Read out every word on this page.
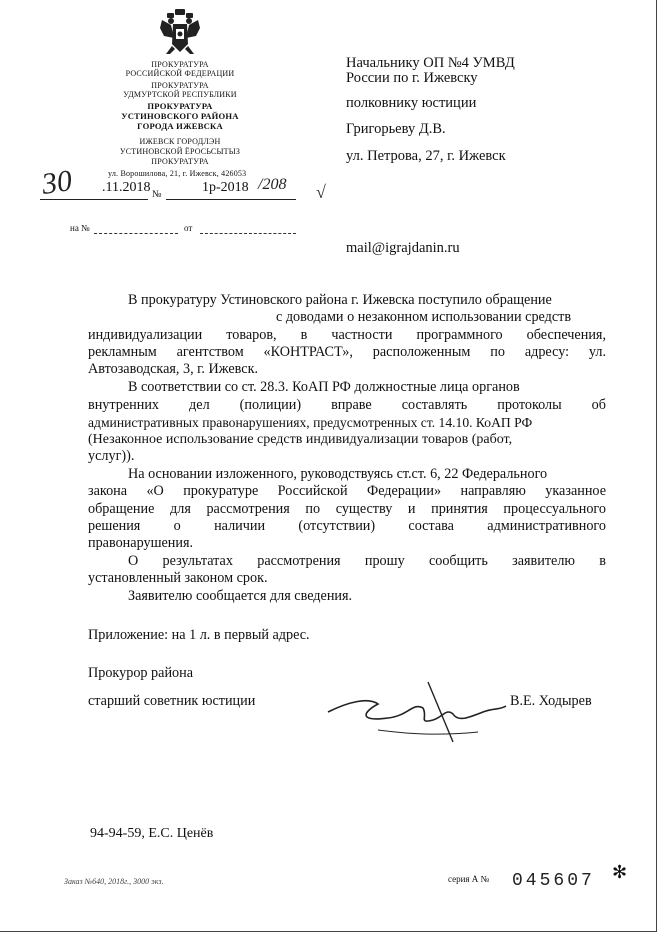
ПРОКУРАТУРА
РОССИЙСКОЙ ФЕДЕРАЦИИ
ПРОКУРАТУРА
УДМУРТСКОЙ РЕСПУБЛИКИ
ПРОКУРАТУРА
УСТИНОВСКОГО РАЙОНА
ГОРОДА ИЖЕВСКА
ИЖЕВСК ГОРОДЛЭН
УСТИНОВСКОЙ ЁРОСЬСЫТЫЗ
ПРОКУРАТУРА
ул. Ворошилова, 21, г. Ижевск, 426053
30 .11.2018 №	1р-2018 /208 √
на №	от
Начальнику ОП №4 УМВД
России по г. Ижевску
полковнику юстиции
Григорьеву Д.В.
ул. Петрова, 27, г. Ижевск
mail@igrajdanin.ru
В прокуратуру Устиновского района г. Ижевска поступило обращение
с доводами о незаконном использовании средств
индивидуализации товаров, в частности программного обеспечения,
рекламным агентством «КОНТРАСТ», расположенным по адресу: ул.
Автозаводская, 3, г. Ижевск.
В соответствии со ст. 28.3. КоАП РФ должностные лица органов
внутренних дел (полиции) вправе составлять протоколы об
административных правонарушениях, предусмотренных ст. 14.10. КоАП РФ
(Незаконное использование средств индивидуализации товаров (работ,
услуг)).
На основании изложенного, руководствуясь ст.ст. 6, 22 Федерального
закона «О прокуратуре Российской Федерации» направляю указанное
обращение для рассмотрения по существу и принятия процессуального
решения о наличии (отсутствии) состава административного
правонарушения.
О результатах рассмотрения прошу сообщить заявителю в
установленный законом срок.
Заявителю сообщается для сведения.
Приложение: на 1 л. в первый адрес.
Прокурор района
старший советник юстиции	В.Е. Ходырев
94-94-59, Е.С. Ценёв
Заказ №640, 2018г., 3000 экз.	серия А № 045607 ✻
